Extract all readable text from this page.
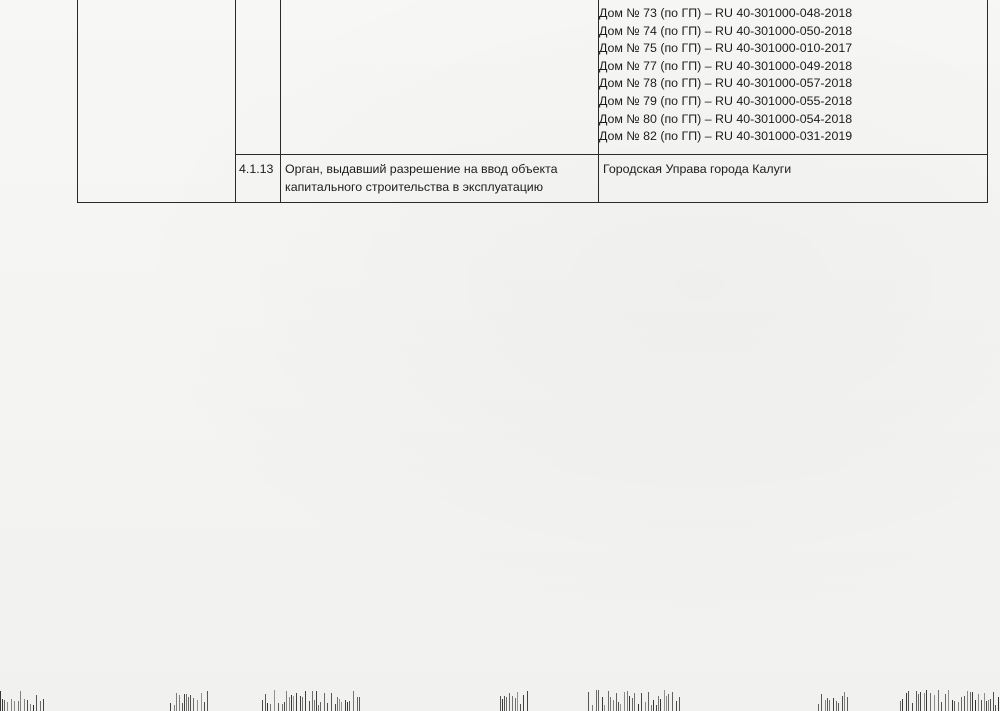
Дом № 73 (по ГП) – RU 40-301000-048-2018
Дом № 74 (по ГП) – RU 40-301000-050-2018
Дом № 75 (по ГП) – RU 40-301000-010-2017
Дом № 77 (по ГП) – RU 40-301000-049-2018
Дом № 78 (по ГП) – RU 40-301000-057-2018
Дом № 79 (по ГП) – RU 40-301000-055-2018
Дом № 80 (по ГП) – RU 40-301000-054-2018
Дом № 82 (по ГП) – RU 40-301000-031-2019
4.1.13 Орган, выдавший разрешение на ввод объекта
капитального строительства в эксплуатацию
Городская Управа города Калуги
